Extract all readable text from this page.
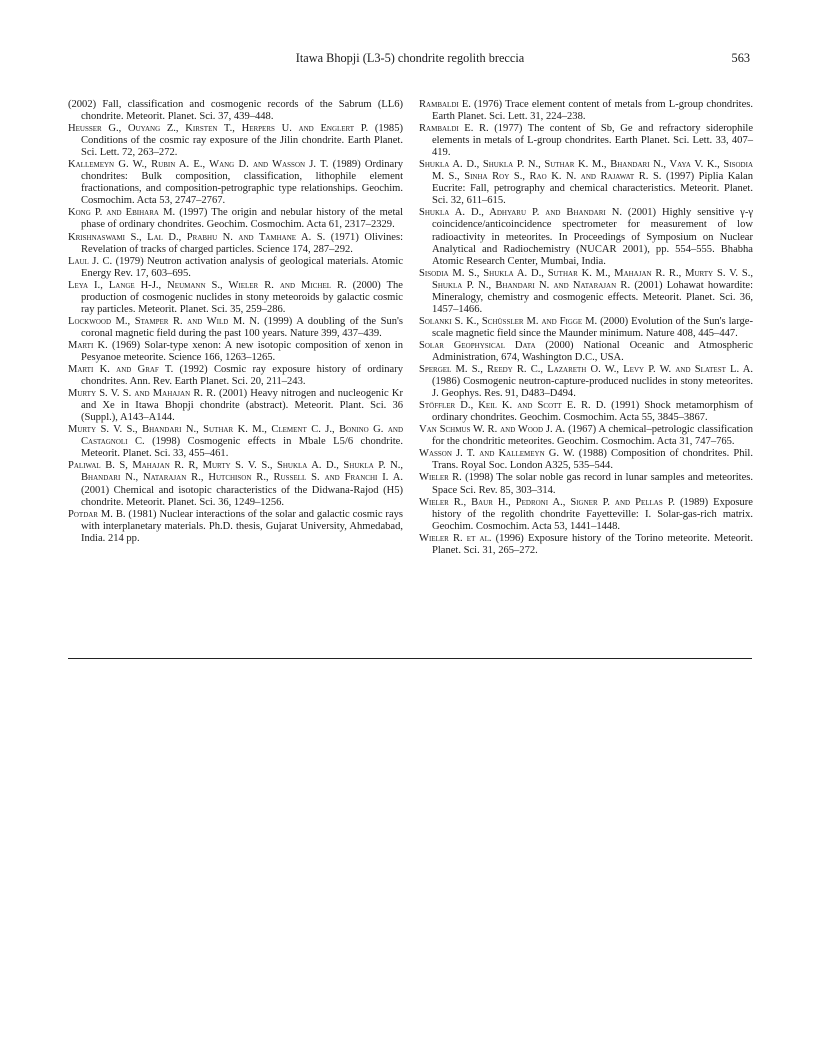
Itawa Bhopji (L3-5) chondrite regolith breccia	563

(2002) Fall, classification and cosmogenic records of the Sabrum (LL6) chondrite. Meteorit. Planet. Sci. 37, 439–448.

Heusser G., Ouyang Z., Kirsten T., Herpers U. and Englert P. (1985) Conditions of the cosmic ray exposure of the Jilin chondrite. Earth Planet. Sci. Lett. 72, 263–272.

Kallemeyn G. W., Rubin A. E., Wang D. and Wasson J. T. (1989) Ordinary chondrites: Bulk composition, classification, lithophile element fractionations, and composition-petrographic type relationships. Geochim. Cosmochim. Acta 53, 2747–2767.

Kong P. and Ebihara M. (1997) The origin and nebular history of the metal phase of ordinary chondrites. Geochim. Cosmochim. Acta 61, 2317–2329.

Krishnaswami S., Lal D., Prabhu N. and Tamhane A. S. (1971) Olivines: Revelation of tracks of charged particles. Science 174, 287–292.

Laul J. C. (1979) Neutron activation analysis of geological materials. Atomic Energy Rev. 17, 603–695.

Leya I., Lange H-J., Neumann S., Wieler R. and Michel R. (2000) The production of cosmogenic nuclides in stony meteoroids by galactic cosmic ray particles. Meteorit. Planet. Sci. 35, 259–286.

Lockwood M., Stamper R. and Wild M. N. (1999) A doubling of the Sun's coronal magnetic field during the past 100 years. Nature 399, 437–439.

Marti K. (1969) Solar-type xenon: A new isotopic composition of xenon in Pesyanoe meteorite. Science 166, 1263–1265.

Marti K. and Graf T. (1992) Cosmic ray exposure history of ordinary chondrites. Ann. Rev. Earth Planet. Sci. 20, 211–243.

Murty S. V. S. and Mahajan R. R. (2001) Heavy nitrogen and nucleogenic Kr and Xe in Itawa Bhopji chondrite (abstract). Meteorit. Plant. Sci. 36 (Suppl.), A143–A144.

Murty S. V. S., Bhandari N., Suthar K. M., Clement C. J., Bonino G. and Castagnoli C. (1998) Cosmogenic effects in Mbale L5/6 chondrite. Meteorit. Planet. Sci. 33, 455–461.

Paliwal B. S, Mahajan R. R, Murty S. V. S., Shukla A. D., Shukla P. N., Bhandari N., Natarajan R., Hutchison R., Russell S. and Franchi I. A. (2001) Chemical and isotopic characteristics of the Didwana-Rajod (H5) chondrite. Meteorit. Planet. Sci. 36, 1249–1256.

Potdar M. B. (1981) Nuclear interactions of the solar and galactic cosmic rays with interplanetary materials. Ph.D. thesis, Gujarat University, Ahmedabad, India. 214 pp.

Rambaldi E. (1976) Trace element content of metals from L-group chondrites. Earth Planet. Sci. Lett. 31, 224–238.

Rambaldi E. R. (1977) The content of Sb, Ge and refractory siderophile elements in metals of L-group chondrites. Earth Planet. Sci. Lett. 33, 407–419.

Shukla A. D., Shukla P. N., Suthar K. M., Bhandari N., Vaya V. K., Sisodia M. S., Sinha Roy S., Rao K. N. and Rajawat R. S. (1997) Piplia Kalan Eucrite: Fall, petrography and chemical characteristics. Meteorit. Planet. Sci. 32, 611–615.

Shukla A. D., Adhyaru P. and Bhandari N. (2001) Highly sensitive γ-γ coincidence/anticoincidence spectrometer for measurement of low radioactivity in meteorites. In Proceedings of Symposium on Nuclear Analytical and Radiochemistry (NUCAR 2001), pp. 554–555. Bhabha Atomic Research Center, Mumbai, India.

Sisodia M. S., Shukla A. D., Suthar K. M., Mahajan R. R., Murty S. V. S., Shukla P. N., Bhandari N. and Natarajan R. (2001) Lohawat howardite: Mineralogy, chemistry and cosmogenic effects. Meteorit. Planet. Sci. 36, 1457–1466.

Solanki S. K., Schüssler M. and Figge M. (2000) Evolution of the Sun's large-scale magnetic field since the Maunder minimum. Nature 408, 445–447.

Solar Geophysical Data (2000) National Oceanic and Atmospheric Administration, 674, Washington D.C., USA.

Spergel M. S., Reedy R. C., Lazareth O. W., Levy P. W. and Slatest L. A. (1986) Cosmogenic neutron-capture-produced nuclides in stony meteorites. J. Geophys. Res. 91, D483–D494.

Stöffler D., Keil K. and Scott E. R. D. (1991) Shock metamorphism of ordinary chondrites. Geochim. Cosmochim. Acta 55, 3845–3867.

Van Schmus W. R. and Wood J. A. (1967) A chemical–petrologic classification for the chondritic meteorites. Geochim. Cosmochim. Acta 31, 747–765.

Wasson J. T. and Kallemeyn G. W. (1988) Composition of chondrites. Phil. Trans. Royal Soc. London A325, 535–544.

Wieler R. (1998) The solar noble gas record in lunar samples and meteorites. Space Sci. Rev. 85, 303–314.

Wieler R., Baur H., Pedroni A., Signer P. and Pellas P. (1989) Exposure history of the regolith chondrite Fayetteville: I. Solar-gas-rich matrix. Geochim. Cosmochim. Acta 53, 1441–1448.

Wieler R. et al. (1996) Exposure history of the Torino meteorite. Meteorit. Planet. Sci. 31, 265–272.
